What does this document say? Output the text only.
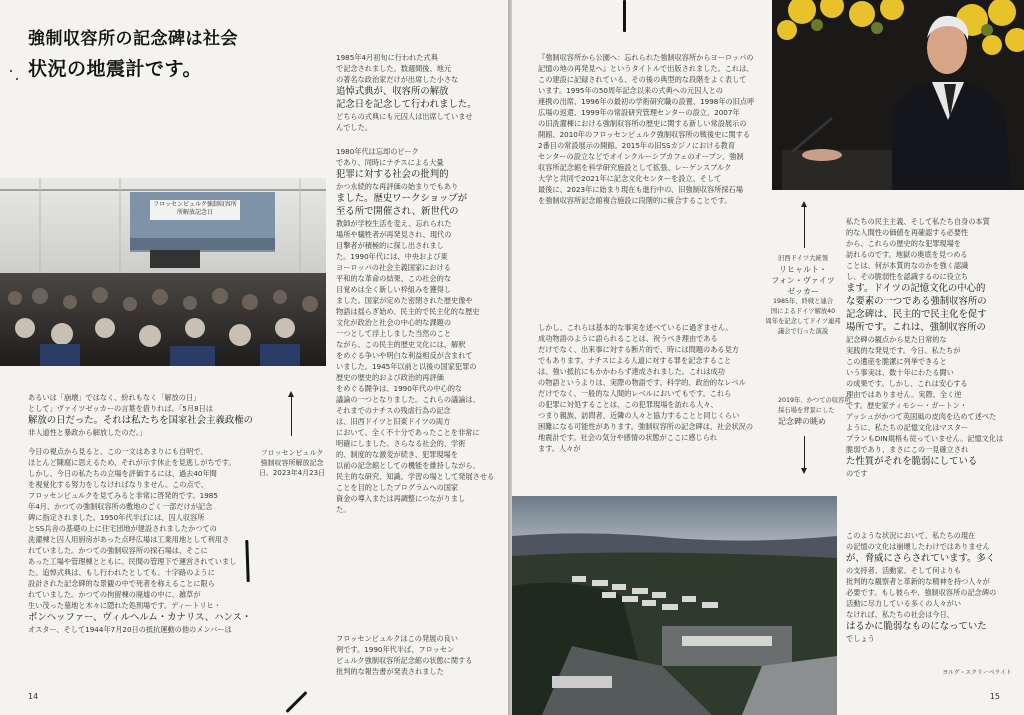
強制収容所の記念碑は社会
状況の地震計です。
フロッセンビュルク強制収容所
所解放記念日
1985年4月初旬に行われた式典
で記念されました。数週間後、地元
の著名な政治家だけが出席した小さな
追悼式典が、収容所の解放
記念日を記念して行われました。
どちらの式典にも元囚人は出席していませ
んでした。
1980年代は忘却のピーク
であり、同時にナチスによる大量
犯罪に対する社会の批判的
かつ永続的な再評価の始まりでもあり
ました。歴史ワークショップが
至る所で開催され、新世代の
教師が学校生活を変え、忘れられた
場所や犠牲者が再発見され、現代の
目撃者が積極的に探し出されまし
た。1990年代には、中央および東
ヨーロッパの社会主義国家における
平和的な革命の結果、この社会的な
目覚めは全く新しい枠組みを獲得し
ました。国家が定めた密閉された歴史像や
物語は揺らぎ始め、民主的で民主化的な歴史
文化が政治と社会の中心的な課題の
一つとして浮上しました当然のこと
ながら、この民主的歴史文化には、解釈
をめぐる争いや明白な利益相反が含まれて
いました。1945年以前と以後の国家犯罪の
歴史の歴史的および政治的再評価
をめぐる闘争は、1990年代の中心的な
議論の一つとなりました。これらの議論は、
それまでのナチスの残虐行為の記念
は、旧西ドイツと旧東ドイツの両方
において、全く不十分であったことを非常に
明確にしました。さらなる社会的、学術
的、制度的な激変が続き、犯罪現場を
以前の記念館としての機能を維持しながら、
民主的な研究、知識、学習の場として発展させる
ことを目的としたプログラムへの国家
資金の導入または再調整につながりまし
た。
フロッセンビュルクはこの発展の良い
例です。1990年代半ば、フロッセン
ビュルク強制収容所記念館の状態に関する
批判的な報告書が発表されました
あるいは「崩壊」ではなく、紛れもなく「解放の日」
として」ヴァイツゼッカーの言葉を借りれば、「5月8日は
解放の日だった。それは私たちを国家社会主義政権の
非人道性と暴政から解放したのだ。」
今日の視点から見ると、この一文はあまりにも自明で、
ほとんど陳腐に思えるため、それが示す休止を見逃しがちです。
しかし、今日の私たちの立場を評価するには、過去40年間
を視覚化する努力をしなければなりません。この点で、
フロッセンビュルクを見てみると非常に啓発的です。1985
年4月、かつての強制収容所の敷地のごく一部だけが記念
碑に指定されました。1950年代半ばには、囚人収容所
とSS兵舎の基礎の上に住宅団地が建設されましたかつての
洗濯棟と囚人用厨房があった点呼広場は工業用地として利用さ
れていました。かつての強制収容所の採石場は、そこに
あった工場や管理棟とともに、民間の管理下で運営されていまし
た。追悼式典は、もし行われたとしても、十字路のように
設計された記念碑的な景観の中で死者を称えることに限ら
れていました。かつての拘留棟の廃墟の中に、雑草が
生い茂った墓地と木々に隠れた処刑場です。ディートリヒ・
ボンヘッファー、ヴィルヘルム・カナリス、ハンス・
オスター、そして1944年7月20日の抵抗運動の他のメンバーは
フロッセンビュルク
強制収容所解放記念
日、2023年4月23日
14
『強制収容所から公園へ：忘れられた強制収容所からヨーロッパの
記憶の地の再発見へ』というタイトルで出版されました。これは、
この建設に記録されている、その後の典型的な段階をよく表して
います。1995年の50周年記念以来の式典への元囚人との
連携の出席、1996年の最初の学術研究職の設置、1998年の旧点呼
広場の返還、1999年の常設研究管理センターの設立、2007年
の旧洗濯棟における強制収容所の歴史に関する新しい常設展示の
開館、2010年のフロッセンビュルク強制収容所の戦後史に関する
2番目の常設展示の開館。2015年の旧SSカジノにおける教育
センターの設立などでオインクルーシブカフェのオープン、強制
収容所記念館を科学研究施設として拡張、レーゲンスブルク
大学と共同で2021年に記念文化センターを設立、そして
最後に、2023年に始まり現在も進行中の、旧強制収容所採石場
を強制収容所記念館複合施設に段階的に統合することです。
しかし、これらは基本的な事実を述べているに過ぎません。
成功物語のように語られることは、祝うべき理由である
だけでなく、出来事に対する断片的で、時には問題のある見方
でもあります。ナチスによる人道に対する罪を記念すること
は、強い抵抗にもかかわらず達成されました。これは成功
の物語というよりは、実際の物語です。科学的、政治的なレベル
だけでなく、一般的な人間的レベルにおいてもです。これら
の犯罪に対処することは、この犯罪現場を訪れる人々、
つまり親族、訪問者、近隣の人々と協力することと同じくらい
困難になる可能性があります。強制収容所の記念碑は、社会状況の
地震計です。社会の気分や感情の状態がここに感じられ
ます。人々が
旧西ドイツ大統領
リヒャルト・
フォン・ヴァイツ
ゼッカー
1985年、終戦と連合
国によるドイツ解放40
周年を記念してドイツ連邦
議会で行った演説
2019年、かつての収容所
採石場を背景にした
記念碑の眺め
私たちの民主主義、そして私たち自身の本質
的な人間性の価値を再確認する必要性
から、これらの歴史的な犯罪現場を
訪れるのです。地獄の奥底を見つめる
ことは、何が本質的なのかを強く認識
し、その脆弱性を認識するのに役立ち
ます。ドイツの記憶文化の中心的
な要素の一つである強制収容所の
記念碑は、民主的で民主化を促す
場所です。これは、強制収容所の
記念碑の観点から見た日常的な
実践的な発見です。今日、私たちが
この遺産を脆潔に列挙できると
いう事実は、数十年にわたる闘い
の成果です。しかし、これは安心する
理由ではありません。実際、全く逆
です。歴史家ティモシー・ガートン・
アッシュがかつて英国風の皮肉を込めて述べた
ように、私たちの記憶文化はマスター
プランもDIN規格も従っていません。記憶文化は
脆弱であり、まさにこの一見確立され
た性質がそれを脆弱にしている
のです
このような状況において、私たちの現在
の記憶の文化は崩壊したわけではありません
が、脅威にさらされています。多く
の支持者、活動家、そして何よりも
批判的な観察者と革新的な精神を持つ人々が
必要です。もし彼らや、強制収容所の記念碑の
活動に尽力している多くの人々がい
なければ、私たちの社会は今日、
はるかに脆弱なものになっていた
でしょう
ヨルグ・スクリーベライト
15
